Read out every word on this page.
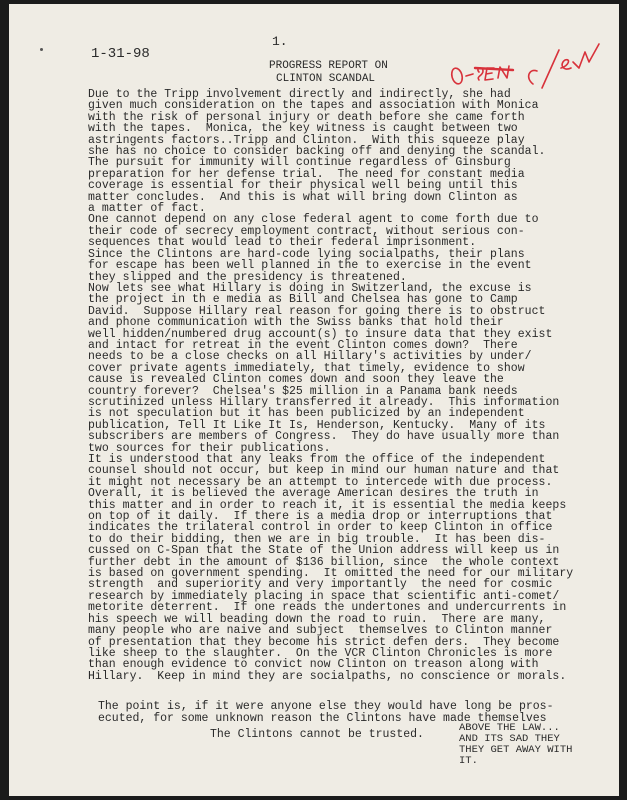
1.
1-31-98
PROGRESS REPORT ON
CLINTON SCANDAL
Due to the Tripp involvement directly and indirectly, she had
given much consideration on the tapes and association with Monica
with the risk of personal injury or death before she came forth
with the tapes.  Monica, the key witness is caught between two
astringents factors..Tripp and Clinton.  With this squeeze play
she has no choice to consider backing off and denying the scandal.
The pursuit for immunity will continue regardless of Ginsburg
preparation for her defense trial.  The need for constant media
coverage is essential for their physical well being until this
matter concludes.  And this is what will bring down Clinton as
a matter of fact.
One cannot depend on any close federal agent to come forth due to
their code of secrecy employment contract, without serious con-
sequences that would lead to their federal imprisonment.
Since the Clintons are hard-code lying socialpaths, their plans
for escape has been well planned in the to exercise in the event
they slipped and the presidency is threatened.
Now lets see what Hillary is doing in Switzerland, the excuse is
the project in th e media as Bill and Chelsea has gone to Camp
David.  Suppose Hillary real reason for going there is to obstruct
and phone communication with the Swiss banks that hold their
well hidden/numbered drug account(s) to insure data that they exist
and intact for retreat in the event Clinton comes down?  There
needs to be a close checks on all Hillary's activities by under/
cover private agents immediately, that timely, evidence to show
cause is revealed Clinton comes down and soon they leave the
country forever?  Chelsea's $25 million in a Panama bank needs
scrutinized unless Hillary transferred it already.  This information
is not speculation but it has been publicized by an independent
publication, Tell It Like It Is, Henderson, Kentucky.  Many of its
subscribers are members of Congress.  They do have usually more than
two sources for their publications.
It is understood that any leaks from the office of the independent
counsel should not occur, but keep in mind our human nature and that
it might not necessary be an attempt to intercede with due process.
Overall, it is believed the average American desires the truth in
this matter and in order to reach it, it is essential the media keeps
on top of it daily.  If there is a media drop or interruptions that
indicates the trilateral control in order to keep Clinton in office
to do their bidding, then we are in big trouble.  It has been dis-
cussed on C-Span that the State of the Union address will keep us in
further debt in the amount of $136 billion, since  the whole context
is based on government spending.  It omitted the need for our military
strength  and superiority and very importantly  the need for cosmic
research by immediately placing in space that scientific anti-comet/
metorite deterrent.  If one reads the undertones and undercurrents in
his speech we will beading down the road to ruin.  There are many,
many people who are naive and subject  themselves to Clinton manner
of presentation that they become his strict defen ders.  They become
like sheep to the slaughter.  On the VCR Clinton Chronicles is more
than enough evidence to convict now Clinton on treason along with
Hillary.  Keep in mind they are socialpaths, no conscience or morals.
The point is, if it were anyone else they would have long be pros-
ecuted, for some unknown reason the Clintons have made themselves
The Clintons cannot be trusted.	ABOVE THE LAW...
AND ITS SAD THEY
THEY GET AWAY WITH
IT.
